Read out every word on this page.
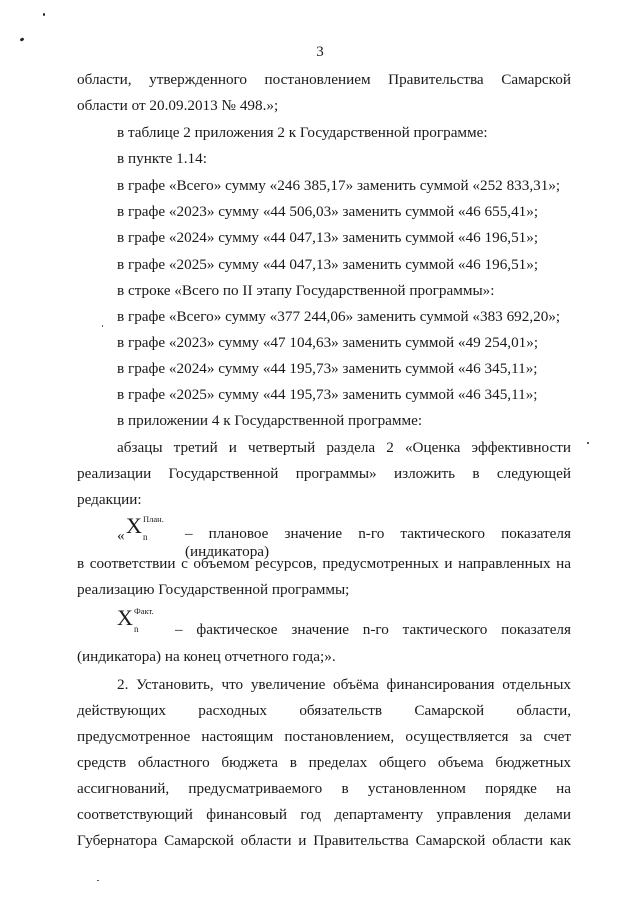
3
области, утвержденного постановлением Правительства Самарской
области от 20.09.2013 № 498.»;
в таблице 2 приложения 2 к Государственной программе:
в пункте 1.14:
в графе «Всего» сумму «246 385,17» заменить суммой «252 833,31»;
в графе «2023» сумму «44 506,03» заменить суммой «46 655,41»;
в графе «2024» сумму «44 047,13» заменить суммой «46 196,51»;
в графе «2025» сумму «44 047,13» заменить суммой «46 196,51»;
в строке «Всего по II этапу Государственной программы»:
в графе «Всего» сумму «377 244,06» заменить суммой «383 692,20»;
в графе «2023» сумму «47 104,63» заменить суммой «49 254,01»;
в графе «2024» сумму «44 195,73» заменить суммой «46 345,11»;
в графе «2025» сумму «44 195,73» заменить суммой «46 345,11»;
в приложении 4 к Государственной программе:
абзацы третий и четвертый раздела 2 «Оценка эффективности
реализации Государственной программы» изложить в следующей
редакции:
« X План.
n – плановое значение n-го тактического показателя (индикатора)
в соответствии с объемом ресурсов, предусмотренных и направленных на
реализацию Государственной программы;
X Факт.
n – фактическое значение n-го тактического показателя
(индикатора) на конец отчетного года;».
2. Установить, что увеличение объёма финансирования отдельных
действующих расходных обязательств Самарской области,
предусмотренное настоящим постановлением, осуществляется за счет
средств областного бюджета в пределах общего объема бюджетных
ассигнований, предусматриваемого в установленном порядке на
соответствующий финансовый год департаменту управления делами
Губернатора Самарской области и Правительства Самарской области как
